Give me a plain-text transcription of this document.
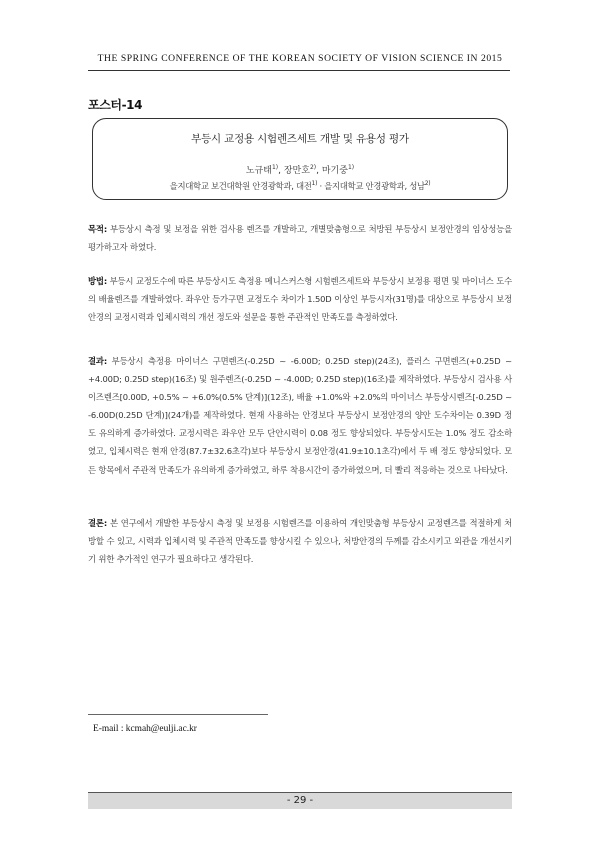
THE SPRING CONFERENCE OF THE KOREAN SOCIETY OF VISION SCIENCE IN 2015
포스터-14
부등시 교정용 시험렌즈세트 개발 및 유용성 평가
노규태$^{1)}$, 장만호$^{2)}$, 마기중$^{1)}$
을지대학교 보건대학원 안경광학과, 대전$^{1)}$ · 을지대학교 안경광학과, 성남$^{2)}$
목적: 부등상시 측정 및 보정을 위한 검사용 렌즈를 개발하고, 개별맞춤형으로 처방된 부등상시 보정안경의 임상성능을 평가하고자 하였다.
방법: 부등시 교정도수에 따른 부등상시도 측정용 메니스커스형 시험렌즈세트와 부등상시 보정용 평면 및 마이너스 도수의 배율렌즈를 개발하였다. 좌우안 등가구면 교정도수 차이가 1.50D 이상인 부등시자(31명)를 대상으로 부등상시 보정안경의 교정시력과 입체시력의 개선 정도와 설문을 통한 주관적인 만족도를 측정하였다.
결과: 부등상시 측정용 마이너스 구면렌즈(-0.25D ~ -6.00D; 0.25D step)(24조), 플러스 구면렌즈(+0.25D ~ +4.00D; 0.25D step)(16조) 및 원주렌즈(-0.25D ~ -4.00D; 0.25D step)(16조)를 제작하였다. 부등상시 검사용 사이즈렌즈[0.00D, +0.5% ~ +6.0%(0.5% 단계)](12조), 배율 +1.0%와 +2.0%의 마이너스 부등상시렌즈[-0.25D ~ -6.00D(0.25D 단계)](24개)를 제작하였다. 현재 사용하는 안경보다 부등상시 보정안경의 양안 도수차이는 0.39D 정도 유의하게 증가하였다. 교정시력은 좌우안 모두 단안시력이 0.08 정도 향상되었다. 부등상시도는 1.0% 정도 감소하였고, 입체시력은 현재 안경(87.7±32.6초각)보다 부등상시 보정안경(41.9±10.1초각)에서 두 배 정도 향상되었다. 모든 항목에서 주관적 만족도가 유의하게 증가하였고, 하루 착용시간이 증가하였으며, 더 빨리 적응하는 것으로 나타났다.
결론: 본 연구에서 개발한 부등상시 측정 및 보정용 시험렌즈를 이용하여 개인맞춤형 부등상시 교정렌즈를 적절하게 처방할 수 있고, 시력과 입체시력 및 주관적 만족도를 향상시킬 수 있으나, 처방안경의 두께를 감소시키고 외관을 개선시키기 위한 추가적인 연구가 필요하다고 생각된다.
E-mail : kcmah@eulji.ac.kr
- 29 -
